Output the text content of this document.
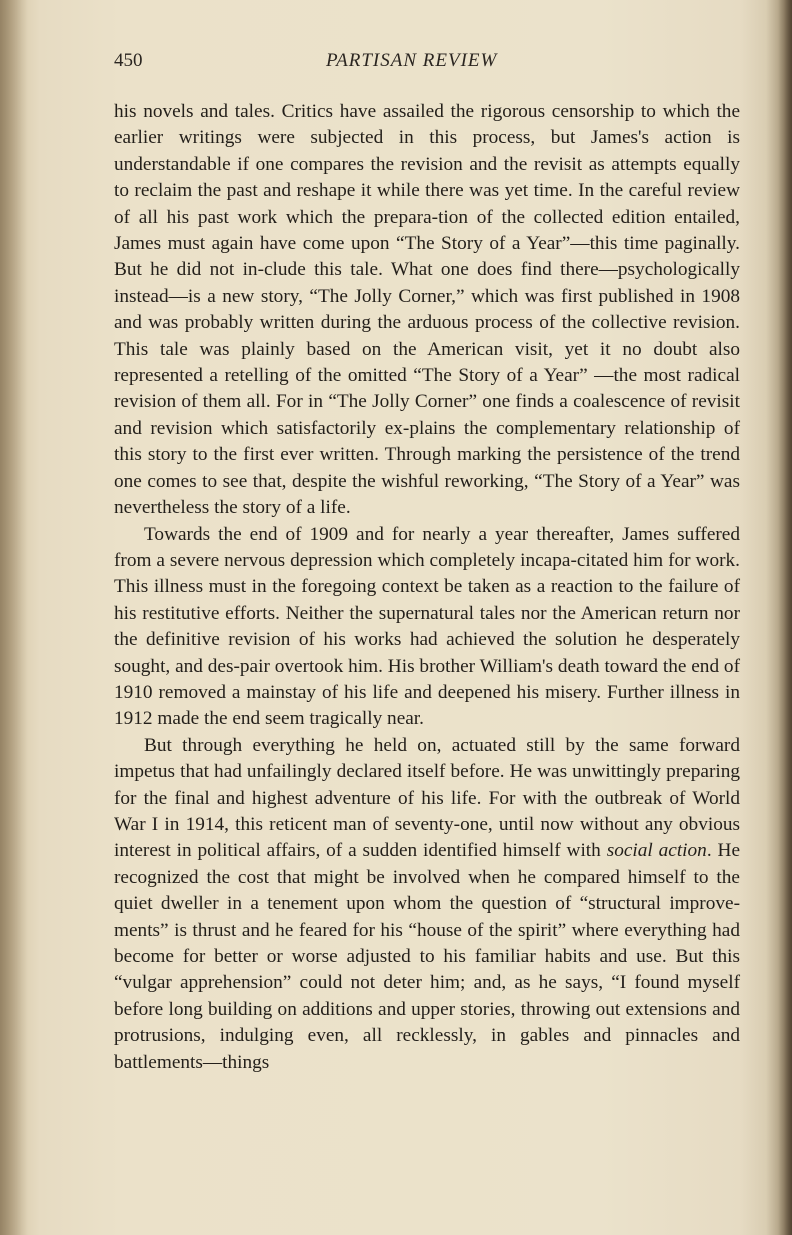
450	PARTISAN REVIEW

his novels and tales. Critics have assailed the rigorous censorship to which the earlier writings were subjected in this process, but James's action is understandable if one compares the revision and the revisit as attempts equally to reclaim the past and reshape it while there was yet time. In the careful review of all his past work which the prepara-tion of the collected edition entailed, James must again have come upon “The Story of a Year”—this time paginally. But he did not in-clude this tale. What one does find there—psychologically instead—is a new story, “The Jolly Corner,” which was first published in 1908 and was probably written during the arduous process of the collective revision. This tale was plainly based on the American visit, yet it no doubt also represented a retelling of the omitted “The Story of a Year” —the most radical revision of them all. For in “The Jolly Corner” one finds a coalescence of revisit and revision which satisfactorily ex-plains the complementary relationship of this story to the first ever written. Through marking the persistence of the trend one comes to see that, despite the wishful reworking, “The Story of a Year” was nevertheless the story of a life.

Towards the end of 1909 and for nearly a year thereafter, James suffered from a severe nervous depression which completely incapa-citated him for work. This illness must in the foregoing context be taken as a reaction to the failure of his restitutive efforts. Neither the supernatural tales nor the American return nor the definitive revision of his works had achieved the solution he desperately sought, and des-pair overtook him. His brother William's death toward the end of 1910 removed a mainstay of his life and deepened his misery. Further illness in 1912 made the end seem tragically near.

But through everything he held on, actuated still by the same forward impetus that had unfailingly declared itself before. He was unwittingly preparing for the final and highest adventure of his life. For with the outbreak of World War I in 1914, this reticent man of seventy-one, until now without any obvious interest in political affairs, of a sudden identified himself with social action. He recognized the cost that might be involved when he compared himself to the quiet dweller in a tenement upon whom the question of “structural improve-ments” is thrust and he feared for his “house of the spirit” where everything had become for better or worse adjusted to his familiar habits and use. But this “vulgar apprehension” could not deter him; and, as he says, “I found myself before long building on additions and upper stories, throwing out extensions and protrusions, indulging even, all recklessly, in gables and pinnacles and battlements—things
